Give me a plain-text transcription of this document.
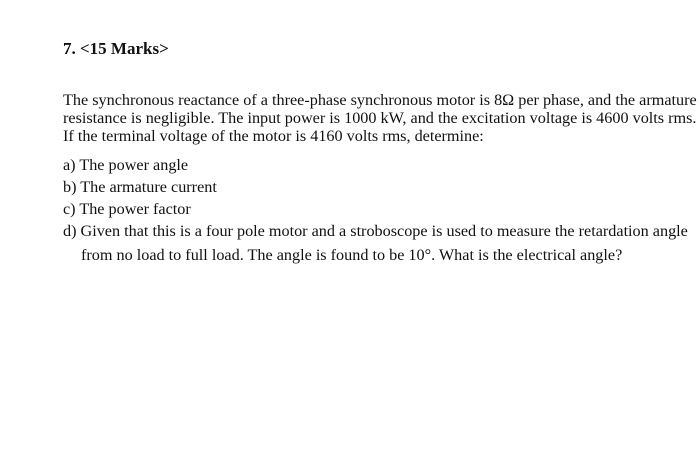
7. <15 Marks>
The synchronous reactance of a three-phase synchronous motor is 8Ω per phase, and the armature
resistance is negligible. The input power is 1000 kW, and the excitation voltage is 4600 volts rms.
If the terminal voltage of the motor is 4160 volts rms, determine:
a) The power angle
b) The armature current
c) The power factor
d) Given that this is a four pole motor and a stroboscope is used to measure the retardation angle
from no load to full load. The angle is found to be 10°. What is the electrical angle?
